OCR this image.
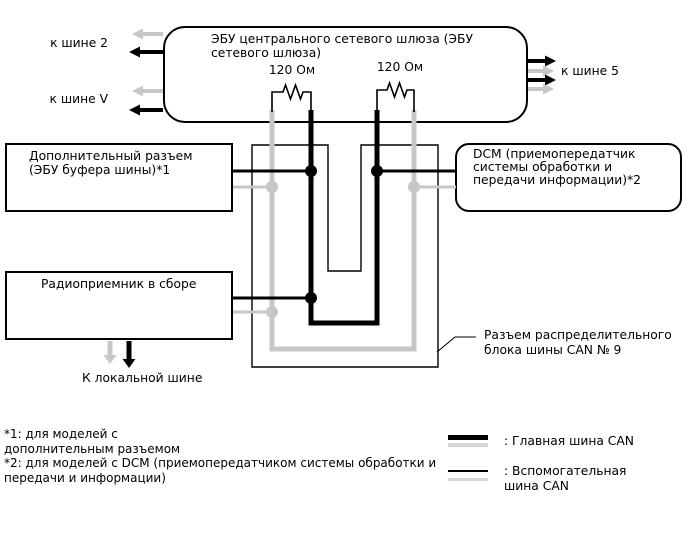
ЭБУ центрального сетевого шлюза (ЭБУ
сетевого шлюза)
Дополнительный разъем
(ЭБУ буфера шины)*1
DCM (приемопередатчик
системы обработки и
передачи информации)*2
Радиоприемник в сборе
к шине 2
к шине V
к шине 5
120 Ом	120 Ом
К локальной шине
Разъем распределительного
блока шины CAN № 9
*1: для моделей с
дополнительным разъемом
*2: для моделей с DCM (приемопередатчиком системы обработки и
передачи и информации)
: Главная шина CAN
: Вспомогательная
шина CAN
